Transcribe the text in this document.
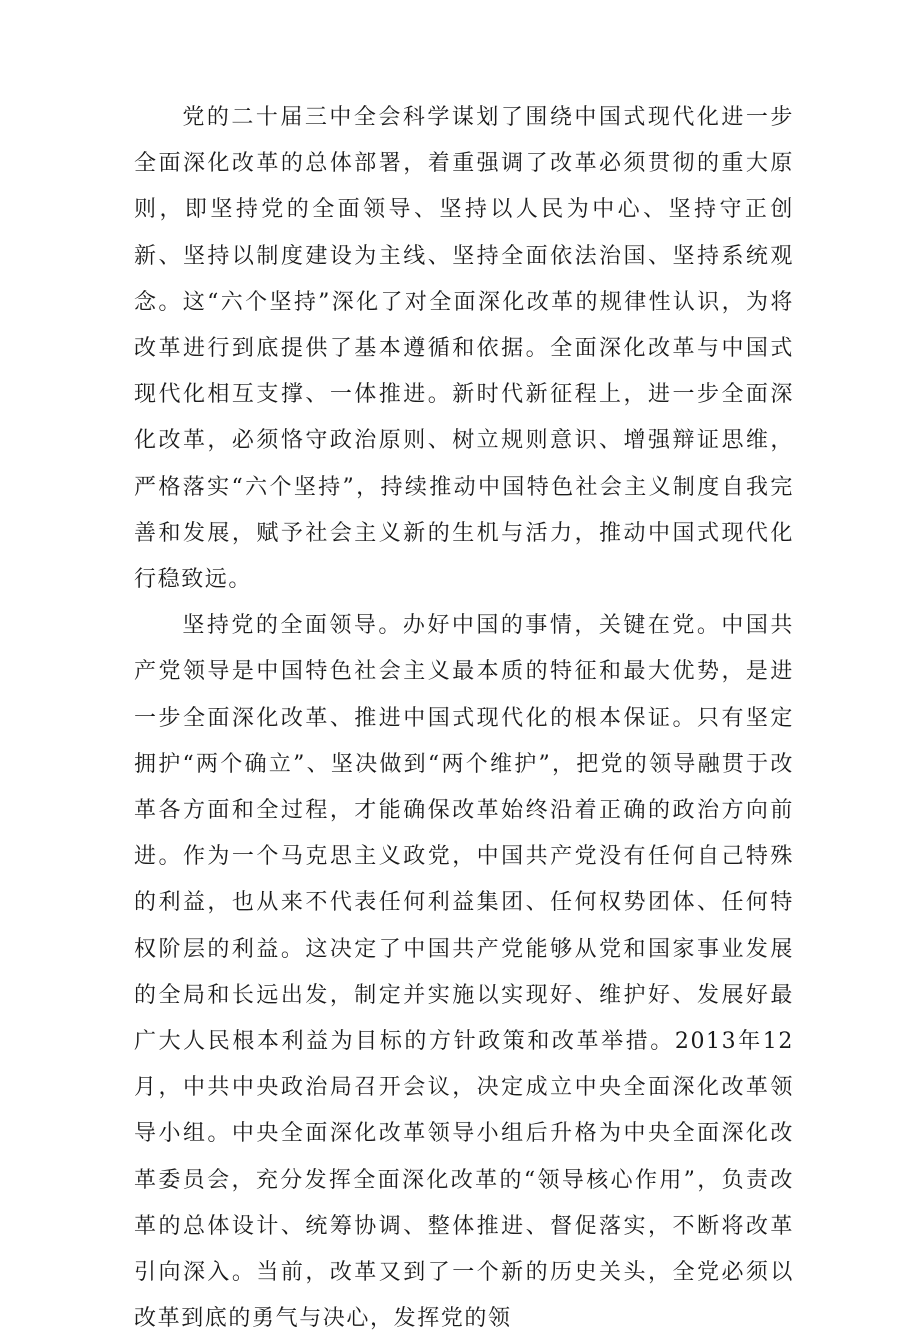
党的二十届三中全会科学谋划了围绕中国式现代化进一步全面深化改革的总体部署，着重强调了改革必须贯彻的重大原则，即坚持党的全面领导、坚持以人民为中心、坚持守正创新、坚持以制度建设为主线、坚持全面依法治国、坚持系统观念。这“六个坚持”深化了对全面深化改革的规律性认识，为将改革进行到底提供了基本遵循和依据。全面深化改革与中国式现代化相互支撑、一体推进。新时代新征程上，进一步全面深化改革，必须恪守政治原则、树立规则意识、增强辩证思维，严格落实“六个坚持”，持续推动中国特色社会主义制度自我完善和发展，赋予社会主义新的生机与活力，推动中国式现代化行稳致远。

坚持党的全面领导。办好中国的事情，关键在党。中国共产党领导是中国特色社会主义最本质的特征和最大优势，是进一步全面深化改革、推进中国式现代化的根本保证。只有坚定拥护“两个确立”、坚决做到“两个维护”，把党的领导融贯于改革各方面和全过程，才能确保改革始终沿着正确的政治方向前进。作为一个马克思主义政党，中国共产党没有任何自己特殊的利益，也从来不代表任何利益集团、任何权势团体、任何特权阶层的利益。这决定了中国共产党能够从党和国家事业发展的全局和长远出发，制定并实施以实现好、维护好、发展好最广大人民根本利益为目标的方针政策和改革举措。2013年12月，中共中央政治局召开会议，决定成立中央全面深化改革领导小组。中央全面深化改革领导小组后升格为中央全面深化改革委员会，充分发挥全面深化改革的“领导核心作用”，负责改革的总体设计、统筹协调、整体推进、督促落实，不断将改革引向深入。当前，改革又到了一个新的历史关头，全党必须以改革到底的勇气与决心，发挥党的领
